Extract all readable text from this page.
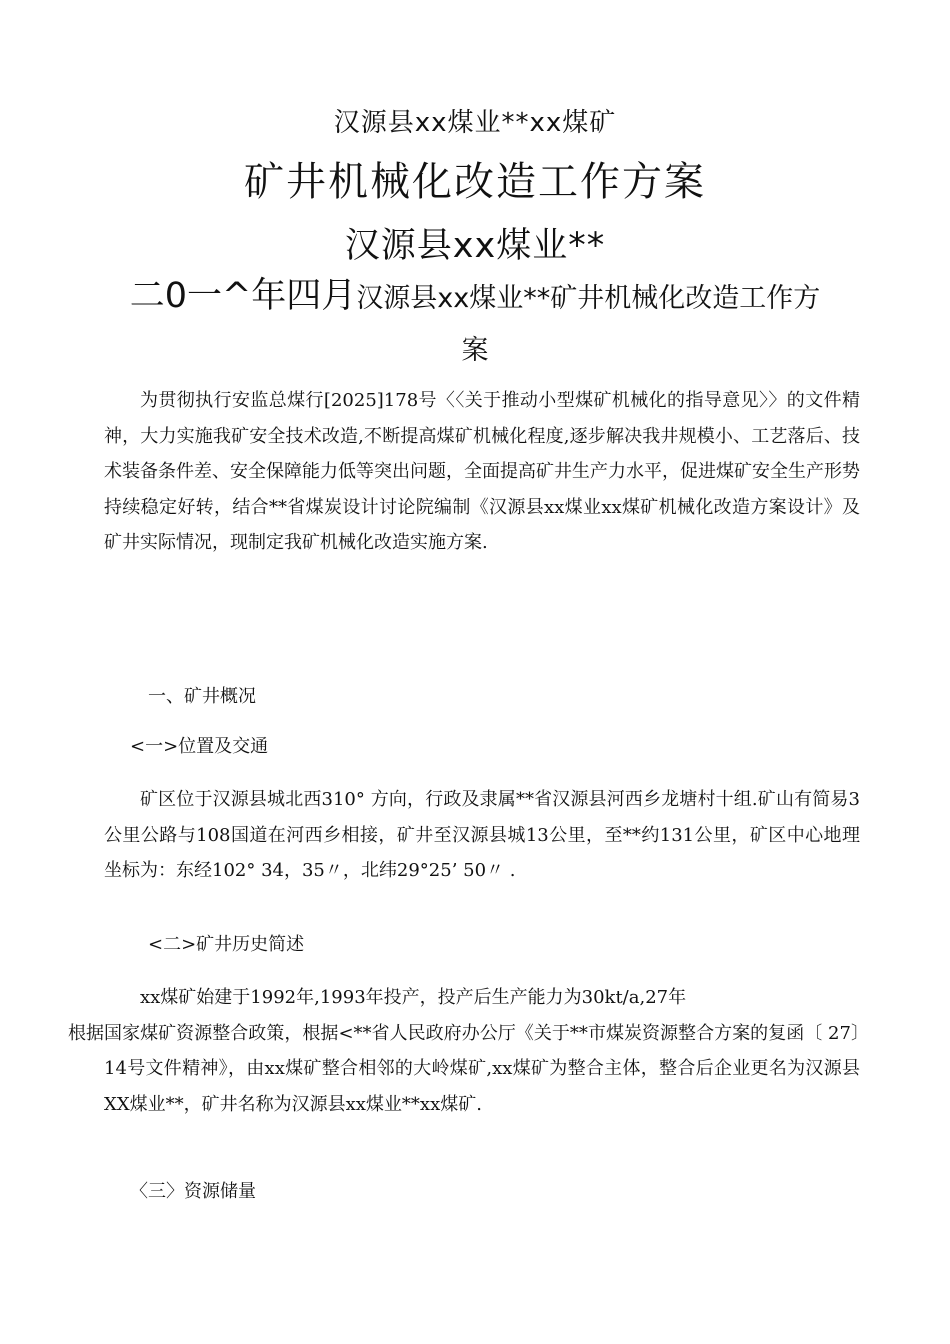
汉源县xx煤业**xx煤矿
矿井机械化改造工作方案
汉源县xx煤业**
二0一^年四月汉源县xx煤业**矿井机械化改造工作方
案

为贯彻执行安监总煤行[2025]178号〈〈关于推动小型煤矿机械化的指导意见〉〉的文件精神，大力实施我矿安全技术改造,不断提高煤矿机械化程度,逐步解决我井规模小、工艺落后、技术装备条件差、安全保障能力低等突出问题，全面提高矿井生产力水平，促进煤矿安全生产形势持续稳定好转，结合**省煤炭设计讨论院编制《汉源县xx煤业xx煤矿机械化改造方案设计》及矿井实际情况，现制定我矿机械化改造实施方案.

一、矿井概况

<一>位置及交通

矿区位于汉源县城北西310° 方向，行政及隶属**省汉源县河西乡龙塘村十组.矿山有简易3公里公路与108国道在河西乡相接，矿井至汉源县城13公里，至**约131公里，矿区中心地理坐标为：东经102° 34，35〃，北纬29°25’ 50〃 .

<二>矿井历史简述

xx煤矿始建于1992年,1993年投产，投产后生产能力为30kt/a,27年
根据国家煤矿资源整合政策，根据<**省人民政府办公厅《关于**市煤炭资源整合方案的复函〔 27〕14号文件精神》，由xx煤矿整合相邻的大岭煤矿,xx煤矿为整合主体，整合后企业更名为汉源县XX煤业**，矿井名称为汉源县xx煤业**xx煤矿.

〈三〉资源储量
